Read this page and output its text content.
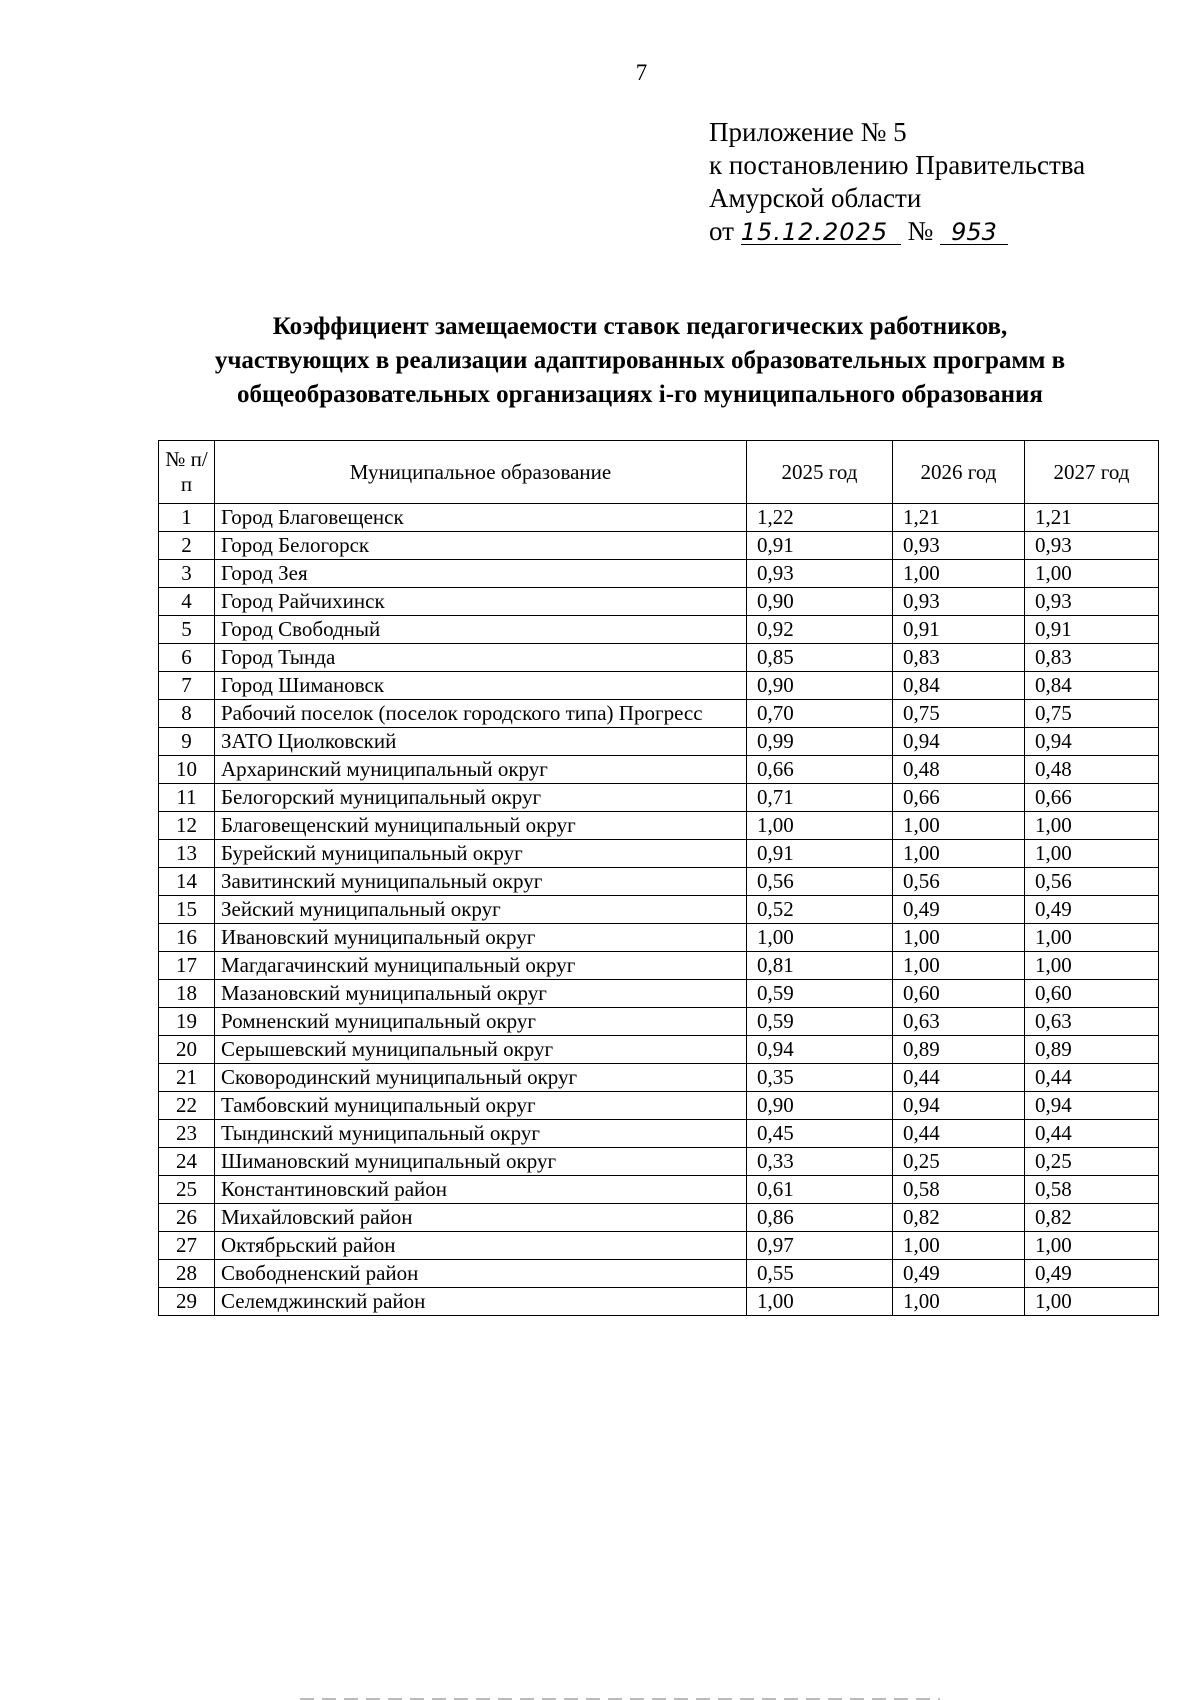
7
Приложение № 5
к постановлению Правительства
Амурской области
от 15.12.2025 № 953
Коэффициент замещаемости ставок педагогических работников,
участвующих в реализации адаптированных образовательных программ в
общеобразовательных организациях i-го муниципального образования
№ п/п	Муниципальное образование	2025 год	2026 год	2027 год
1	Город Благовещенск	1,22	1,21	1,21
2	Город Белогорск	0,91	0,93	0,93
3	Город Зея	0,93	1,00	1,00
4	Город Райчихинск	0,90	0,93	0,93
5	Город Свободный	0,92	0,91	0,91
6	Город Тында	0,85	0,83	0,83
7	Город Шимановск	0,90	0,84	0,84
8	Рабочий поселок (поселок городского типа) Прогресс	0,70	0,75	0,75
9	ЗАТО Циолковский	0,99	0,94	0,94
10	Архаринский муниципальный округ	0,66	0,48	0,48
11	Белогорский муниципальный округ	0,71	0,66	0,66
12	Благовещенский муниципальный округ	1,00	1,00	1,00
13	Бурейский муниципальный округ	0,91	1,00	1,00
14	Завитинский муниципальный округ	0,56	0,56	0,56
15	Зейский муниципальный округ	0,52	0,49	0,49
16	Ивановский муниципальный округ	1,00	1,00	1,00
17	Магдагачинский муниципальный округ	0,81	1,00	1,00
18	Мазановский муниципальный округ	0,59	0,60	0,60
19	Ромненский муниципальный округ	0,59	0,63	0,63
20	Серышевский муниципальный округ	0,94	0,89	0,89
21	Сковородинский муниципальный округ	0,35	0,44	0,44
22	Тамбовский муниципальный округ	0,90	0,94	0,94
23	Тындинский муниципальный округ	0,45	0,44	0,44
24	Шимановский муниципальный округ	0,33	0,25	0,25
25	Константиновский район	0,61	0,58	0,58
26	Михайловский район	0,86	0,82	0,82
27	Октябрьский район	0,97	1,00	1,00
28	Свободненский район	0,55	0,49	0,49
29	Селемджинский район	1,00	1,00	1,00
